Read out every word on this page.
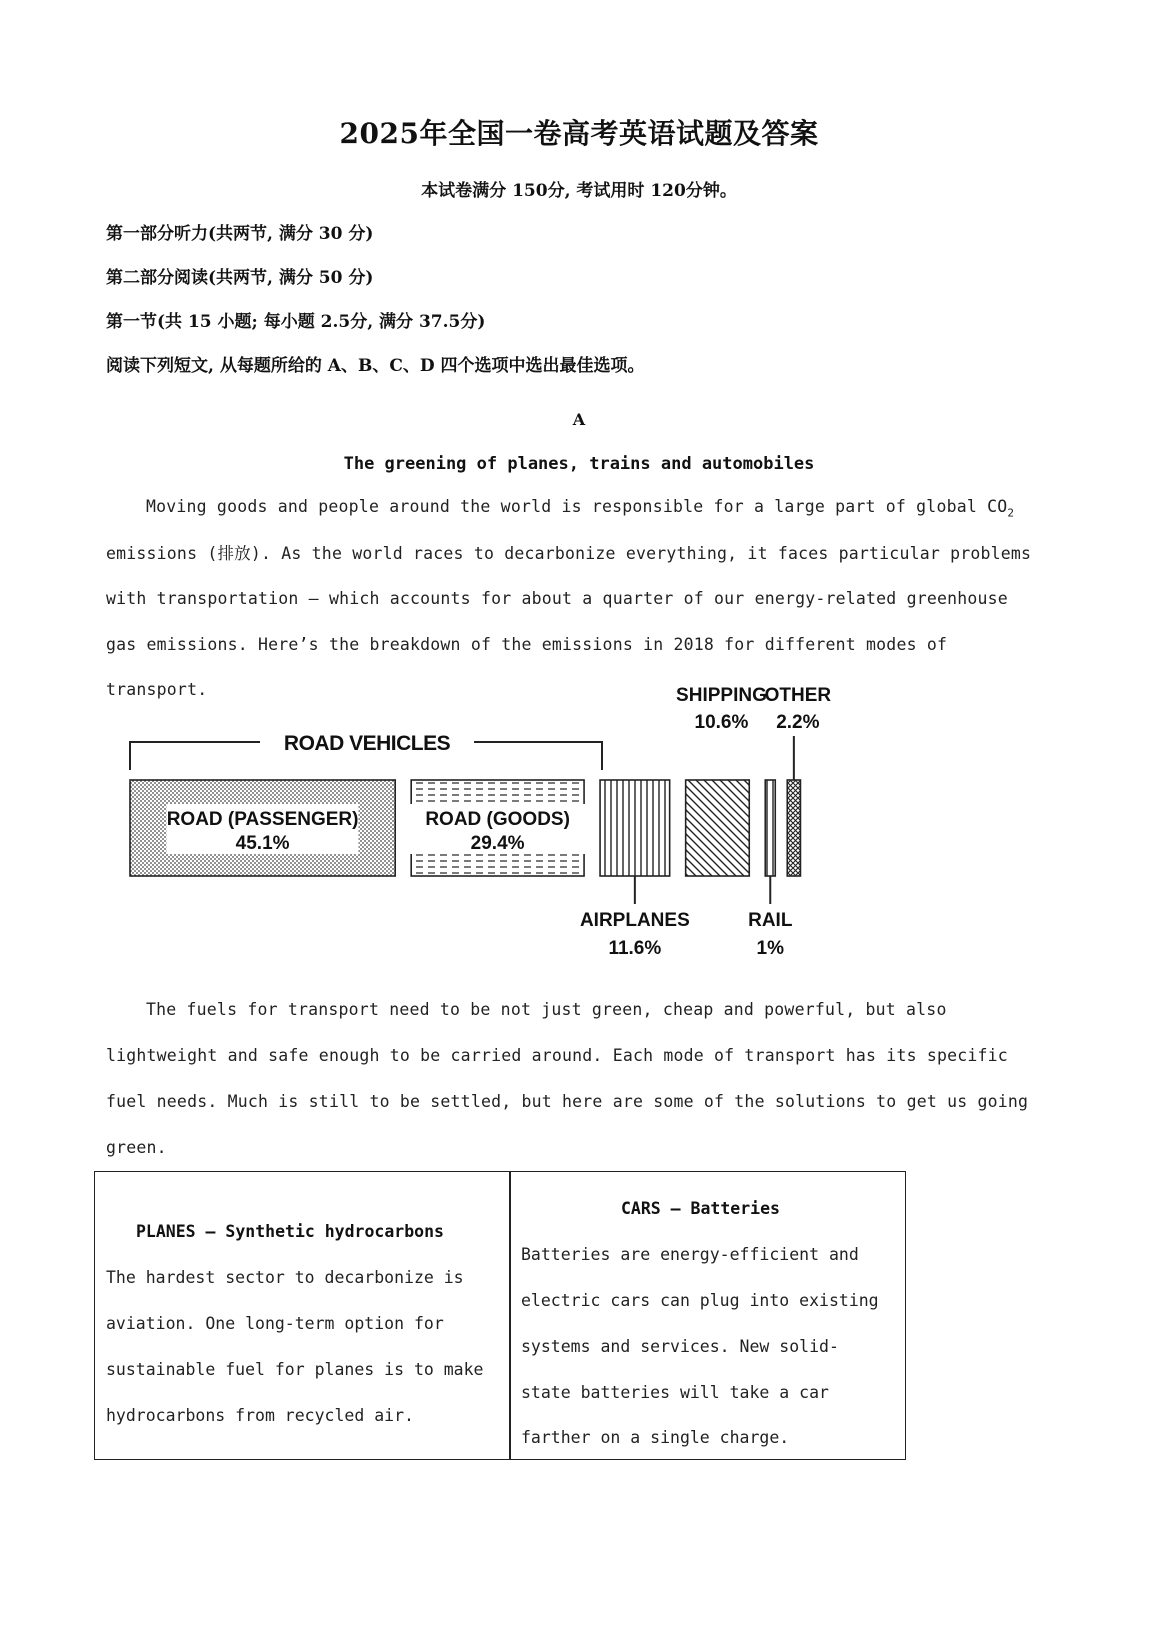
2025年全国一卷高考英语试题及答案
本试卷满分 150分, 考试用时 120分钟。
第一部分听力(共两节, 满分 30 分)
第二部分阅读(共两节, 满分 50 分)
第一节(共 15 小题; 每小题 2.5分, 满分 37.5分)
阅读下列短文, 从每题所给的 A、B、C、D 四个选项中选出最佳选项。
A
The greening of planes, trains and automobiles
Moving goods and people around the world is responsible for a large part of global $CO_2$
emissions (排放). As the world races to decarbonize everything, it faces particular problems
with transportation — which accounts for about a quarter of our energy-related greenhouse
gas emissions. Here’s the breakdown of the emissions in 2018 for different modes of
transport.
ROAD VEHICLES
ROAD (PASSENGER)
45.1%
ROAD (GOODS)
29.4%
AIRPLANES
11.6%
RAIL
1%
SHIPPING
10.6%
OTHER
2.2%
The fuels for transport need to be not just green, cheap and powerful, but also
lightweight and safe enough to be carried around. Each mode of transport has its specific
fuel needs. Much is still to be settled, but here are some of the solutions to get us going
green.
PLANES — Synthetic hydrocarbons
The hardest sector to decarbonize is
aviation. One long-term option for
sustainable fuel for planes is to make
hydrocarbons from recycled air.
CARS — Batteries
Batteries are energy-efficient and
electric cars can plug into existing
systems and services. New solid-
state batteries will take a car
farther on a single charge.
